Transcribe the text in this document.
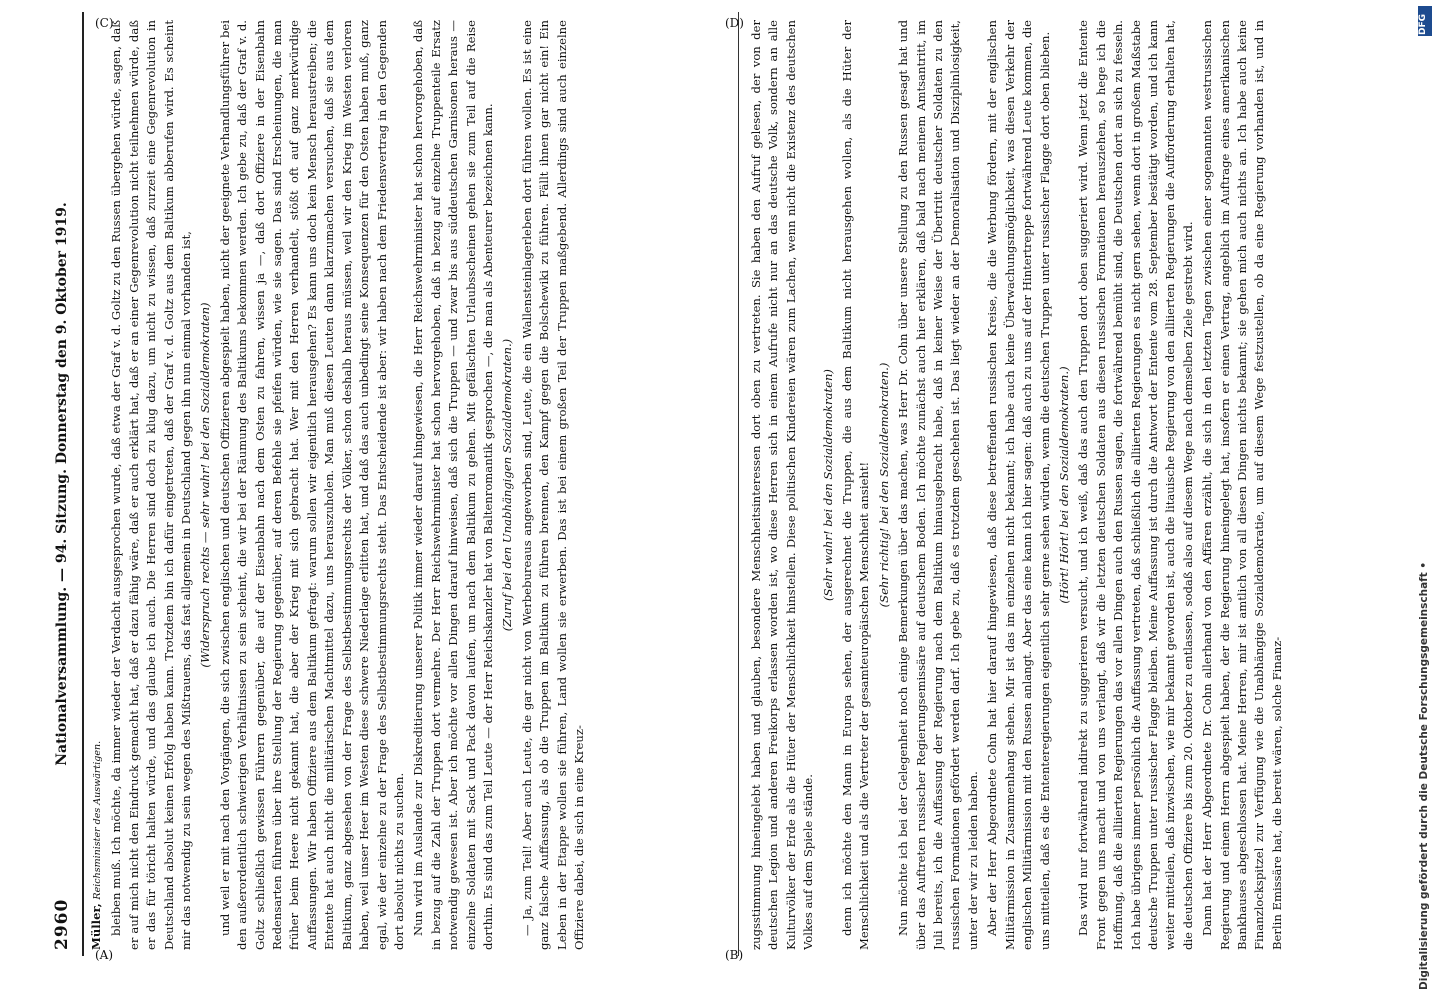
2960
Nationalversammlung. — 94. Sitzung. Donnerstag den 9. Oktober 1919.

Müller, Reichsminister des Auswärtigen. bleiben muß. Ich möchte, da immer wieder der Verdacht ausgesprochen wurde, daß etwa der Graf v. d. Goltz zu den Russen übergehen würde, sagen, daß er auf mich nicht den Eindruck gemacht hat, daß er dazu fähig wäre, daß er auch erklärt hat, daß er an einer Gegenrevolution nicht teilnehmen würde, daß er das für töricht halten würde, und das glaube ich auch. Die Herren sind doch zu klug dazu, um nicht zu wissen, daß zurzeit eine Gegenrevolution in Deutschland absolut keinen Erfolg haben kann. Trotzdem bin ich dafür eingetreten, daß der Graf v. d. Goltz aus dem Baltikum abberufen wird. Es scheint mir das notwendig zu sein wegen des Mißtrauens, das fast allgemein in Deutschland gegen ihn nun einmal vorhanden ist, (Widerspruch rechts — sehr wahr! bei den Sozialdemokraten) und weil er mit nach den Vorgängen, die sich zwischen englischen und deutschen Offizieren abgespielt haben, nicht der geeignete Verhandlungsführer bei den außerordentlich schwierigen Verhältnissen zu sein scheint, die wir bei der Räumung des Baltikums bekommen werden. Ich gebe zu, daß der Graf v. d. Goltz schließlich gewissen Führern gegenüber, die auf der Eisenbahn nach dem Osten zu fahren, wissen ja —, daß dort Offiziere in der Eisenbahn Redensarten führen über ihre Stellung der Regierung gegenüber, auf deren Befehle sie pfeifen würden, wie sie sagen. Das sind Erscheinungen, die man früher beim Heere nicht gekannt hat, die aber der Krieg mit sich gebracht hat. Wer mit den Herren verhandelt, stößt oft auf ganz merkwürdige Auffassungen. Wir haben Offiziere aus dem Baltikum gefragt: warum sollen wir eigentlich herausgehen? Es kann uns doch kein Mensch heraustreiben; die Entente hat auch nicht die militärischen Machtmittel dazu, uns herauszuholen. Man muß diesen Leuten dann klarzumachen versuchen, daß sie aus dem Baltikum, ganz abgesehen von der Frage des Selbstbestimmungsrechts der Völker, schon deshalb heraus müssen, weil wir den Krieg im Westen verloren haben, weil unser Heer im Westen diese schwere Niederlage erlitten hat, und daß das auch unbedingt seine Konsequenzen für den Osten haben muß, ganz egal, wie der einzelne zu der Frage des Selbstbestimmungsrechts steht. Das Entscheidende ist aber: wir haben nach dem Friedensvertrag in den Gegenden dort absolut nichts zu suchen. Nun wird im Auslande zur Diskreditierung unserer Politik immer wieder darauf hingewiesen, die Herr Reichswehrminister hat schon hervorgehoben, daß in bezug auf die Zahl der Truppen dort vermehre. Der Herr Reichswehrminister hat schon hervorgehoben, daß in bezug auf einzelne Truppenteile Ersatz notwendig gewesen ist. Aber ich möchte vor allen Dingen darauf hinweisen, daß sich die Truppen — und zwar bis aus süddeutschen Garnisonen heraus — einzelne Soldaten mit Sack und Pack davon laufen, um nach dem Baltikum zu gehen. Mit gefälschten Urlaubsscheinen gehen sie zum Teil auf die Reise dorthin. Es sind das zum Teil Leute — der Herr Reichskanzler hat von Baltenromantik gesprochen —, die man als Abenteurer bezeichnen kann. (Zuruf bei den Unabhängigen Sozialdemokraten.) — Ja, zum Teil! Aber auch Leute, die gar nicht von Werbebureaus angeworben sind, Leute, die ein Wallensteinlagerleben dort führen wollen. Es ist eine ganz falsche Auffassung, als ob die Truppen im Baltikum zu führen brennen, den Kampf gegen die Bolschewiki zu führen. Fällt ihnen gar nicht ein! Ein Leben in der Etappe wollen sie führen, Land wollen sie erwerben. Das ist bei einem großen Teil der Truppen maßgebend. Allerdings sind auch einzelne Offiziere dabei, die sich in eine Kreuz-	zugsstimmung hineingelebt haben und glauben, besondere Menschheitsinteressen dort oben zu vertreten. Sie haben den Aufruf gelesen, der von der deutschen Legion und anderen Freikorps erlassen worden ist, wo diese Herren sich in einem Aufrufe nicht nur an das deutsche Volk, sondern an alle Kulturvölker der Erde als die Hüter der Menschlichkeit hinstellen. Diese politischen Kindereien wären zum Lachen, wenn nicht die Existenz des deutschen Volkes auf dem Spiele stände.

(Sehr wahr! bei den Sozialdemokraten) denn ich möchte den Mann in Europa sehen, der ausgerechnet die Truppen, die aus dem Baltikum nicht herausgehen wollen, als die Hüter der Menschlichkeit und als die Vertreter der gesamteuropäischen Menschheit ansieht! (Sehr richtig! bei den Sozialdemokraten.) Nun möchte ich bei der Gelegenheit noch einige Bemerkungen über das machen, was Herr Dr. Cohn über unsere Stellung zu den Russen gesagt hat und über das Auftreten russischer Regierungsemissäre auf deutschem Boden. Ich möchte zunächst auch hier erklären, daß bald nach meinem Amtsantritt, im Juli bereits, ich die Auffassung der Regierung nach dem Baltikum hinausgebracht habe, daß in keiner Weise der Übertritt deutscher Soldaten zu den russischen Formationen gefördert werden darf. Ich gebe zu, daß es trotzdem geschehen ist. Das liegt wieder an der Demoralisation und Disziplinlosigkeit, unter der wir zu leiden haben. Aber der Herr Abgeordnete Cohn hat hier darauf hingewiesen, daß diese betreffenden russischen Kreise, die die Werbung fördern, mit der englischen Militärmission in Zusammenhang stehen. Mir ist das im einzelnen nicht bekannt; ich habe auch keine Überwachungsmöglichkeit, was diesen Verkehr der englischen Militärmission mit den Russen anlangt. Aber das eine kann ich hier sagen: daß auch zu uns auf der Hintertreppe fortwährend Leute kommen, die uns mitteilen, daß es die Ententeregierungen eigentlich sehr gerne sehen würden, wenn die deutschen Truppen unter russischer Flagge dort oben blieben. (Hört! Hört! bei den Sozialdemokraten.) Das wird nur fortwährend indirekt zu suggerieren versucht, und ich weiß, daß das auch den Truppen dort oben suggeriert wird. Wenn jetzt die Entente Front gegen uns macht und von uns verlangt, daß wir die letzten deutschen Soldaten aus diesen russischen Formationen herausziehen, so hege ich die Hoffnung, daß die alliierten Regierungen das vor allen Dingen auch den Russen sagen, die fortwährend bemüht sind, die Deutschen dort an sich zu fesseln. Ich habe übrigens immer persönlich die Auffassung vertreten, daß schließlich die alliierten Regierungen es nicht gern sehen, wenn dort in großem Maßstabe deutsche Truppen unter russischer Flagge bleiben. Meine Auffassung ist durch die Antwort der Entente vom 28. September bestätigt worden, und ich kann weiter mitteilen, daß inzwischen, wie mir bekannt geworden ist, auch die litauische Regierung von den alliierten Regierungen die Aufforderung erhalten hat, die deutschen Offiziere bis zum 20. Oktober zu entlassen, sodaß also auf diesem Wege nach demselben Ziele gestrebt wird. Dann hat der Herr Abgeordnete Dr. Cohn allerhand von den Affären erzählt, die sich in den letzten Tagen zwischen einer sogenannten westrussischen Regierung und einem Herrn abgespielt haben, der die Regierung hineingelegt hat, insofern er einen Vertrag, angeblich im Auftrage eines amerikanischen Bankhauses abgeschlossen hat. Meine Herren, mir ist amtlich von all diesen Dingen nichts bekannt; sie gehen mich auch nichts an. Ich habe auch keine Finanzlockspitzel zur Verfügung wie die Unabhängige Sozialdemokratie, um auf diesem Wege festzustellen, ob da eine Regierung vorhanden ist, und in Berlin Emissäre hat, die bereit wären, solche Finanz-

(A)	(B)
(C)	(D)	DFG
Digitalisierung gefördert durch die Deutsche Forschungsgemeinschaft •
